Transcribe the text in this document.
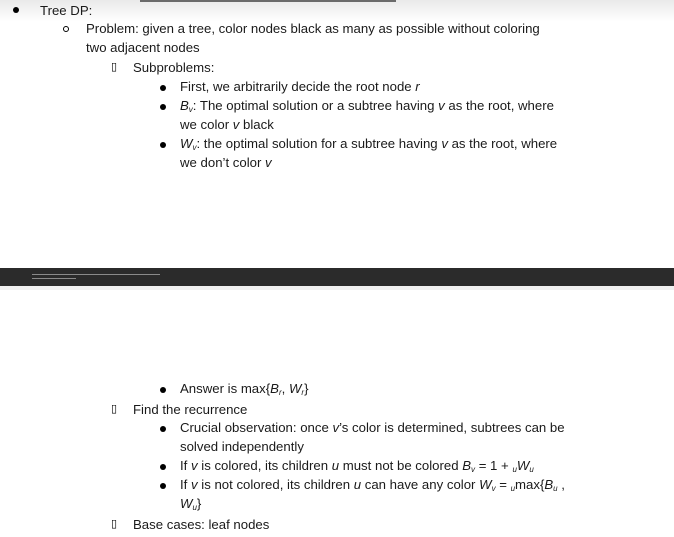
Tree DP:
Problem: given a tree, color nodes black as many as possible without coloring
two adjacent nodes
▯ Subproblems:
First, we arbitrarily decide the root node r
$B_v$: The optimal solution or a subtree having v as the root, where
we color v black
$W_v$: the optimal solution for a subtree having v as the root, where
we don’t color v
Answer is $\max\{B_r$, $W_r$}
▯ Find the recurrence
Crucial observation: once v’s color is determined, subtrees can be
solved independently
If v is colored, its children u must not be colored $B_v = 1 + _uW_u$
If v is not colored, its children u can have any color $W_v = _u\max\{B_u$ ,
$W_u$}
▯ Base cases: leaf nodes
